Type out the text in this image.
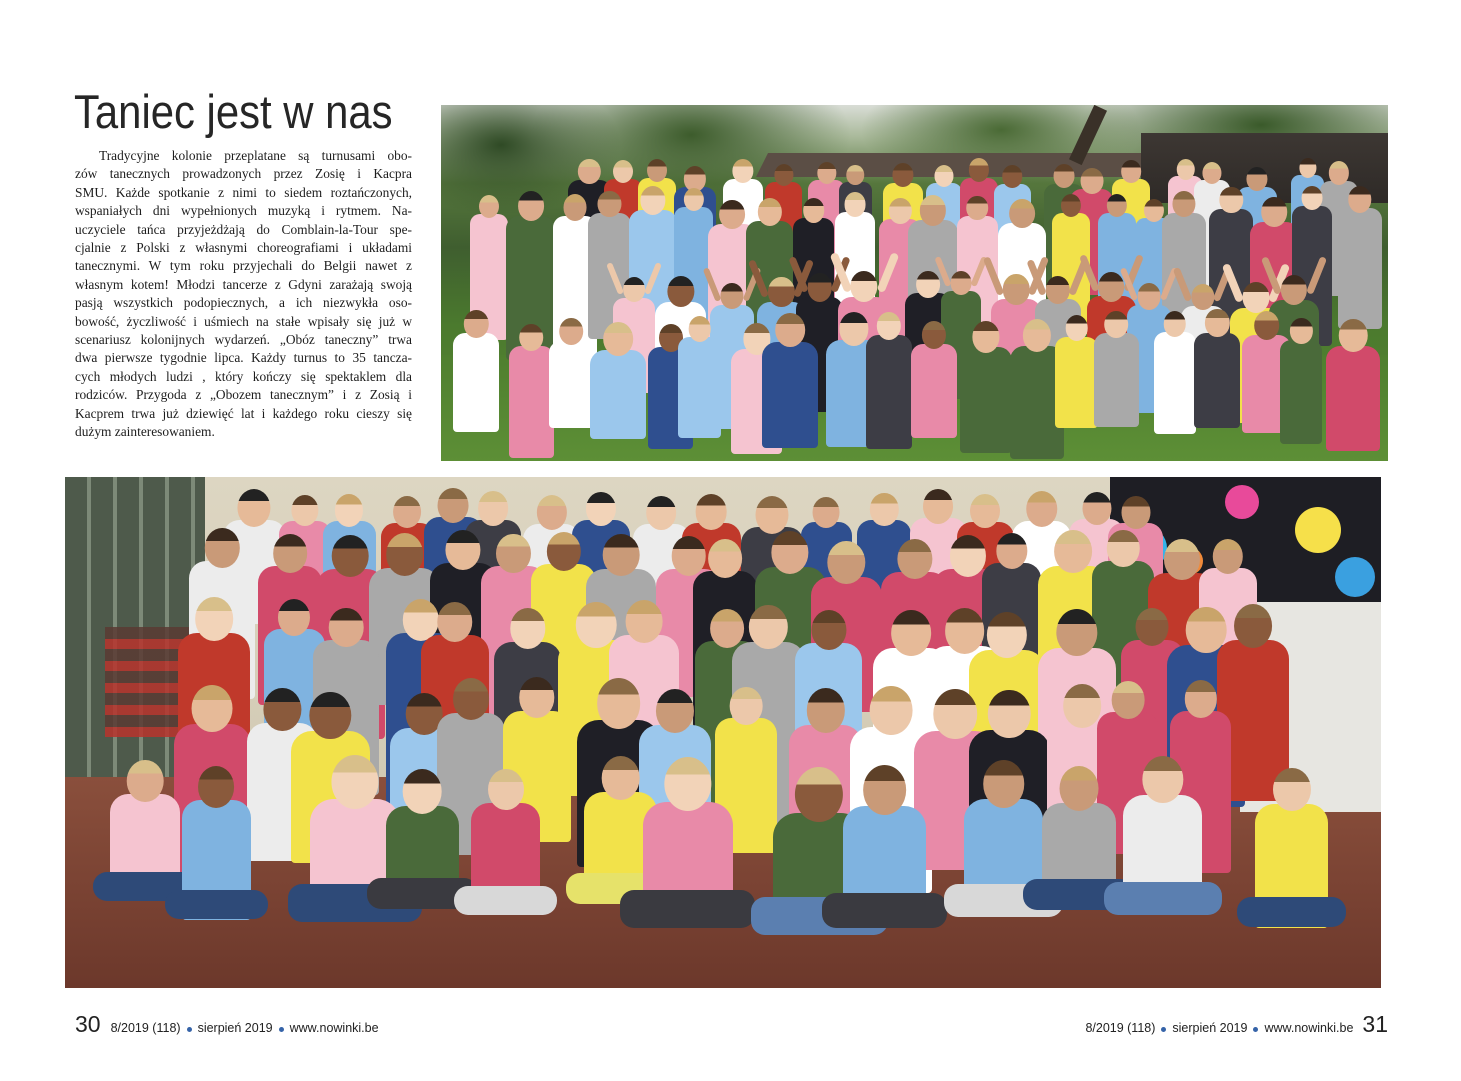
Taniec jest w nas
Tradycyjne kolonie przeplatane są turnusami obo-
zów tanecznych prowadzonych przez Zosię i Kacpra
SMU. Każde spotkanie z nimi to siedem roztańczonych,
wspaniałych dni wypełnionych muzyką i rytmem. Na-
uczyciele tańca przyjeżdżają do Comblain-la-Tour spe-
cjalnie z Polski z własnymi choreografiami i układami
tanecznymi. W tym roku przyjechali do Belgii nawet z
własnym kotem! Młodzi tancerze z Gdyni zarażają swoją
pasją wszystkich podopiecznych, a ich niezwykła oso-
bowość, życzliwość i uśmiech na stałe wpisały się już w
scenariusz kolonijnych wydarzeń. „Obóz taneczny” trwa
dwa pierwsze tygodnie lipca. Każdy turnus to 35 tancza-
cych młodych ludzi , który kończy się spektaklem dla
rodziców. Przygoda z „Obozem tanecznym” i z Zosią i
Kacprem trwa już dziewięć lat i każdego roku cieszy się
dużym zainteresowaniem.
30 8/2019 (118) sierpień 2019 www.nowinki.be	8/2019 (118) sierpień 2019 www.nowinki.be 31
